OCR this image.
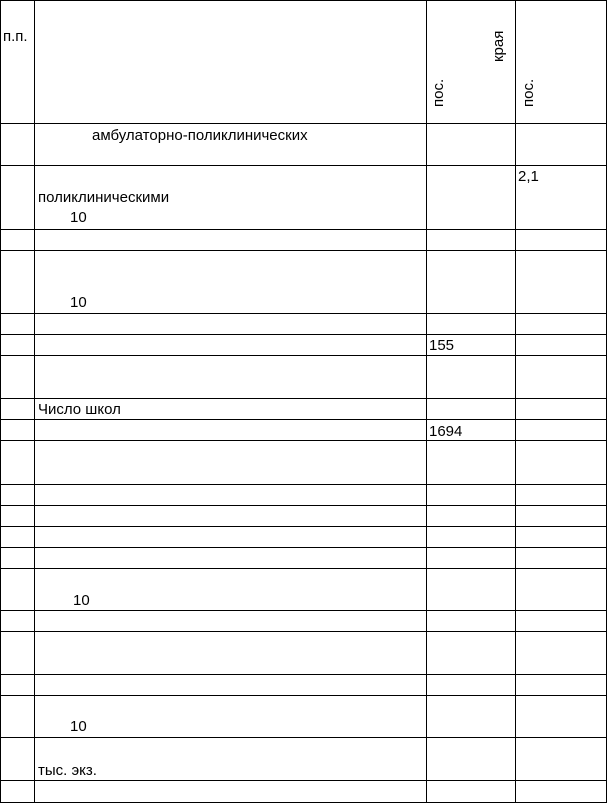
п.п.
пос.
края
пос.
амбулаторно-поликлинических
поликлиническими
10
2,1
10
155
Число школ
1694
10
10
тыс. экз.
